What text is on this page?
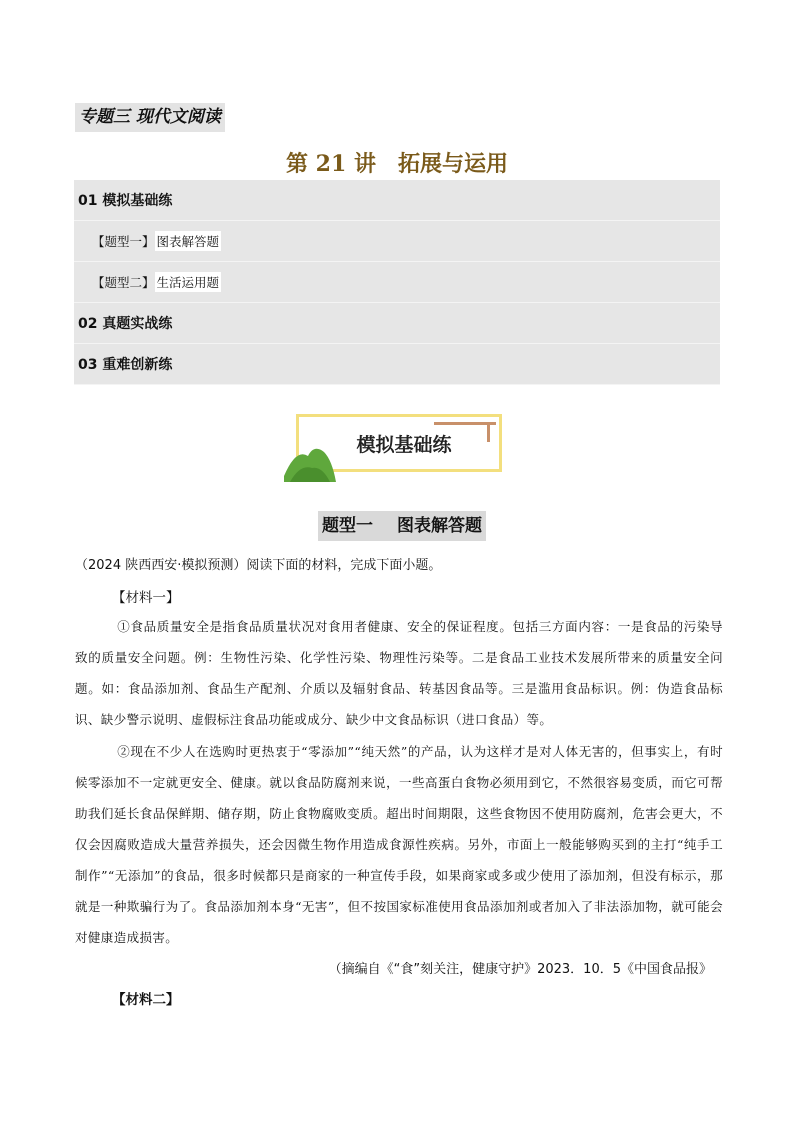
专题三 现代文阅读
第 21 讲 拓展与运用
01 模拟基础练
【题型一】 图表解答题
【题型二】 生活运用题
02 真题实战练
03 重难创新练
模拟基础练
题型一 图表解答题
（2024 陕西西安·模拟预测）阅读下面的材料，完成下面小题。
【材料一】
①食品质量安全是指食品质量状况对食用者健康、安全的保证程度。包括三方面内容：一是食品的污染导致的质量安全问题。例：生物性污染、化学性污染、物理性污染等。二是食品工业技术发展所带来的质量安全问题。如：食品添加剂、食品生产配剂、介质以及辐射食品、转基因食品等。三是滥用食品标识。例：伪造食品标识、缺少警示说明、虚假标注食品功能或成分、缺少中文食品标识（进口食品）等。
②现在不少人在选购时更热衷于“零添加”“纯天然”的产品，认为这样才是对人体无害的，但事实上，有时候零添加不一定就更安全、健康。就以食品防腐剂来说，一些高蛋白食物必须用到它，不然很容易变质，而它可帮助我们延长食品保鲜期、储存期，防止食物腐败变质。超出时间期限，这些食物因不使用防腐剂，危害会更大，不仅会因腐败造成大量营养损失，还会因微生物作用造成食源性疾病。另外，市面上一般能够购买到的主打“纯手工制作”“无添加”的食品，很多时候都只是商家的一种宣传手段，如果商家或多或少使用了添加剂，但没有标示，那就是一种欺骗行为了。食品添加剂本身“无害”，但不按国家标准使用食品添加剂或者加入了非法添加物，就可能会对健康造成损害。
（摘编自《“食”刻关注，健康守护》2023．10．5《中国食品报》
【材料二】
